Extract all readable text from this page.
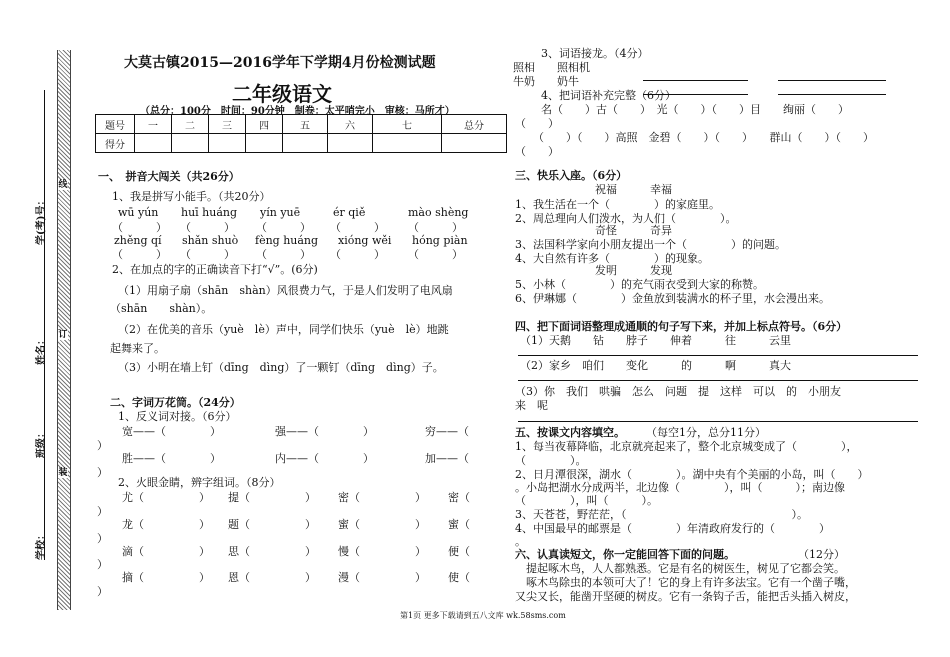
线
订
装
学(考)号：
姓名：
班级：
学校：
大莫古镇2015—2016学年下学期4月份检测试题
二年级语文
（总分：100分　时间：90分钟　制卷：太平哨完小　审核：马所才）
题号	一	二	三	四	五	六	七	总分
得分								
一、　拼音大闯关（共26分）
1、我是拼写小能手。（共20分）
wū yún huī huáng yín yuē	ér qiě	mào shèng
（　　　） （　　　） （　　　） （　　　） （　　　）
zhěng qí shǎn shuò fèng huáng xióng wěi hóng piàn
（　　　） （　　　） （　　　） （　　　） （　　　）
2、在加点的字的正确读音下打“√”。(6分)
（1）用扇子扇（shān　shàn）风很费力气，于是人们发明了电风扇
（shān　　shàn）。
（2）在优美的音乐（yuè　lè）声中，同学们快乐（yuè　lè）地跳
起舞来了。
（3）小明在墙上钉（dīng　dìng）了一颗钉（dīng　dìng）子。
二、字词万花筒。（24分）
1、反义词对接。（6分）
宽——（　　　　）	强——（　　　　）	穷——（
）
胜——（　　　　）	内——（　　　　）	加——（
）
2、火眼金睛，辨字组词。（8分）
尤（　　　　　） 提（　　　　　） 密（　　　　　） 密（
）
龙（　　　　　） 题（　　　　　） 蜜（　　　　　） 蜜（
）
滴（　　　　　） 思（　　　　　） 慢（　　　　　） 便（
）
摘（　　　　　） 恩（　　　　　） 漫（　　　　　） 使（
）
3、词语接龙。（4分）
照相　　照相机
牛奶　　奶牛
4、把词语补充完整（6分）
名（　　）古（　　）　光（　　）（　　）目　　绚丽（　　）
（　　）
（　　）（　　）高照　金碧（　　）（　　）　　群山（　　）（　　）
（　　）
三、快乐入座。（6分）
祝福　　　幸福
1、我生活在一个（　　　　）的家庭里。
2、周总理向人们泼水，为人们（　　　　）。
奇怪　　　奇异
3、法国科学家向小朋友提出一个（　　　　）的问题。
4、大自然有许多（　　　　）的现象。
发明　　　发现
5、小林（　　　　）的充气雨衣受到大家的称赞。
6、伊琳娜（　　　　）金鱼放到装满水的杯子里，水会漫出来。
四、把下面词语整理成通顺的句子写下来，并加上标点符号。（6分）
（1）天鹅　　钻　　脖子　　伸着　　　往　　　云里
（2）家乡　咱们　　变化　　　的　　　啊　　　真大
（3）你　我们　哄骗　怎么　问题　提　这样　可以　的　小朋友
来　呢
五、按课文内容填空。 （每空1分，总分11分）
1、每当夜幕降临，北京就亮起来了，整个北京城变成了（　　　　），
（　　　　）。
2、日月潭很深，湖水（　　　　）。湖中央有个美丽的小岛，叫（　　）
。小岛把湖水分成两半，北边像（　　　　），叫（　　　）；南边像
（　　　　），叫（　　　）。
3、天苍苍，野茫茫，（　　　　　　　　　　　　　　　）。
4、中国最早的邮票是（　　　　）年清政府发行的（　　　　）
。
六、认真读短文，你一定能回答下面的问题。	（12分）
　提起啄木鸟，人人都熟悉。它是有名的树医生，树见了它都会笑。
　啄木鸟除虫的本领可大了！它的身上有许多法宝。它有一个凿子嘴，
又尖又长，能凿开坚硬的树皮。它有一条钩子舌，能把舌头插入树皮，
第1页 更多下载请到五八文库 wk.58sms.com
